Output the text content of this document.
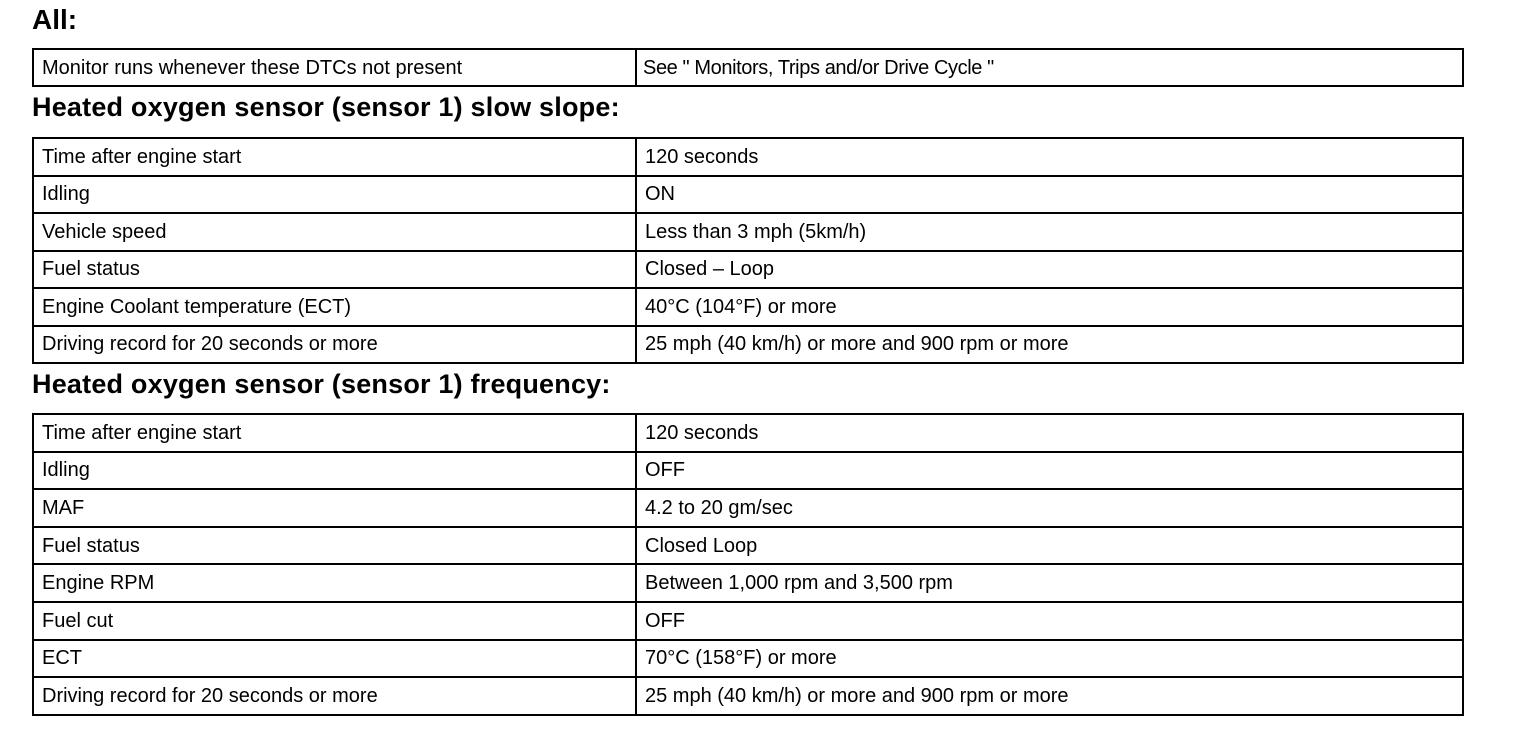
All:
Monitor runs whenever these DTCs not present	See " Monitors, Trips and/or Drive Cycle "
Heated oxygen sensor (sensor 1) slow slope:
Time after engine start	120 seconds
Idling	ON
Vehicle speed	Less than 3 mph (5km/h)
Fuel status	Closed – Loop
Engine Coolant temperature (ECT)	40°C (104°F) or more
Driving record for 20 seconds or more	25 mph (40 km/h) or more and 900 rpm or more
Heated oxygen sensor (sensor 1) frequency:
Time after engine start	120 seconds
Idling	OFF
MAF	4.2 to 20 gm/sec
Fuel status	Closed Loop
Engine RPM	Between 1,000 rpm and 3,500 rpm
Fuel cut	OFF
ECT	70°C (158°F) or more
Driving record for 20 seconds or more	25 mph (40 km/h) or more and 900 rpm or more
